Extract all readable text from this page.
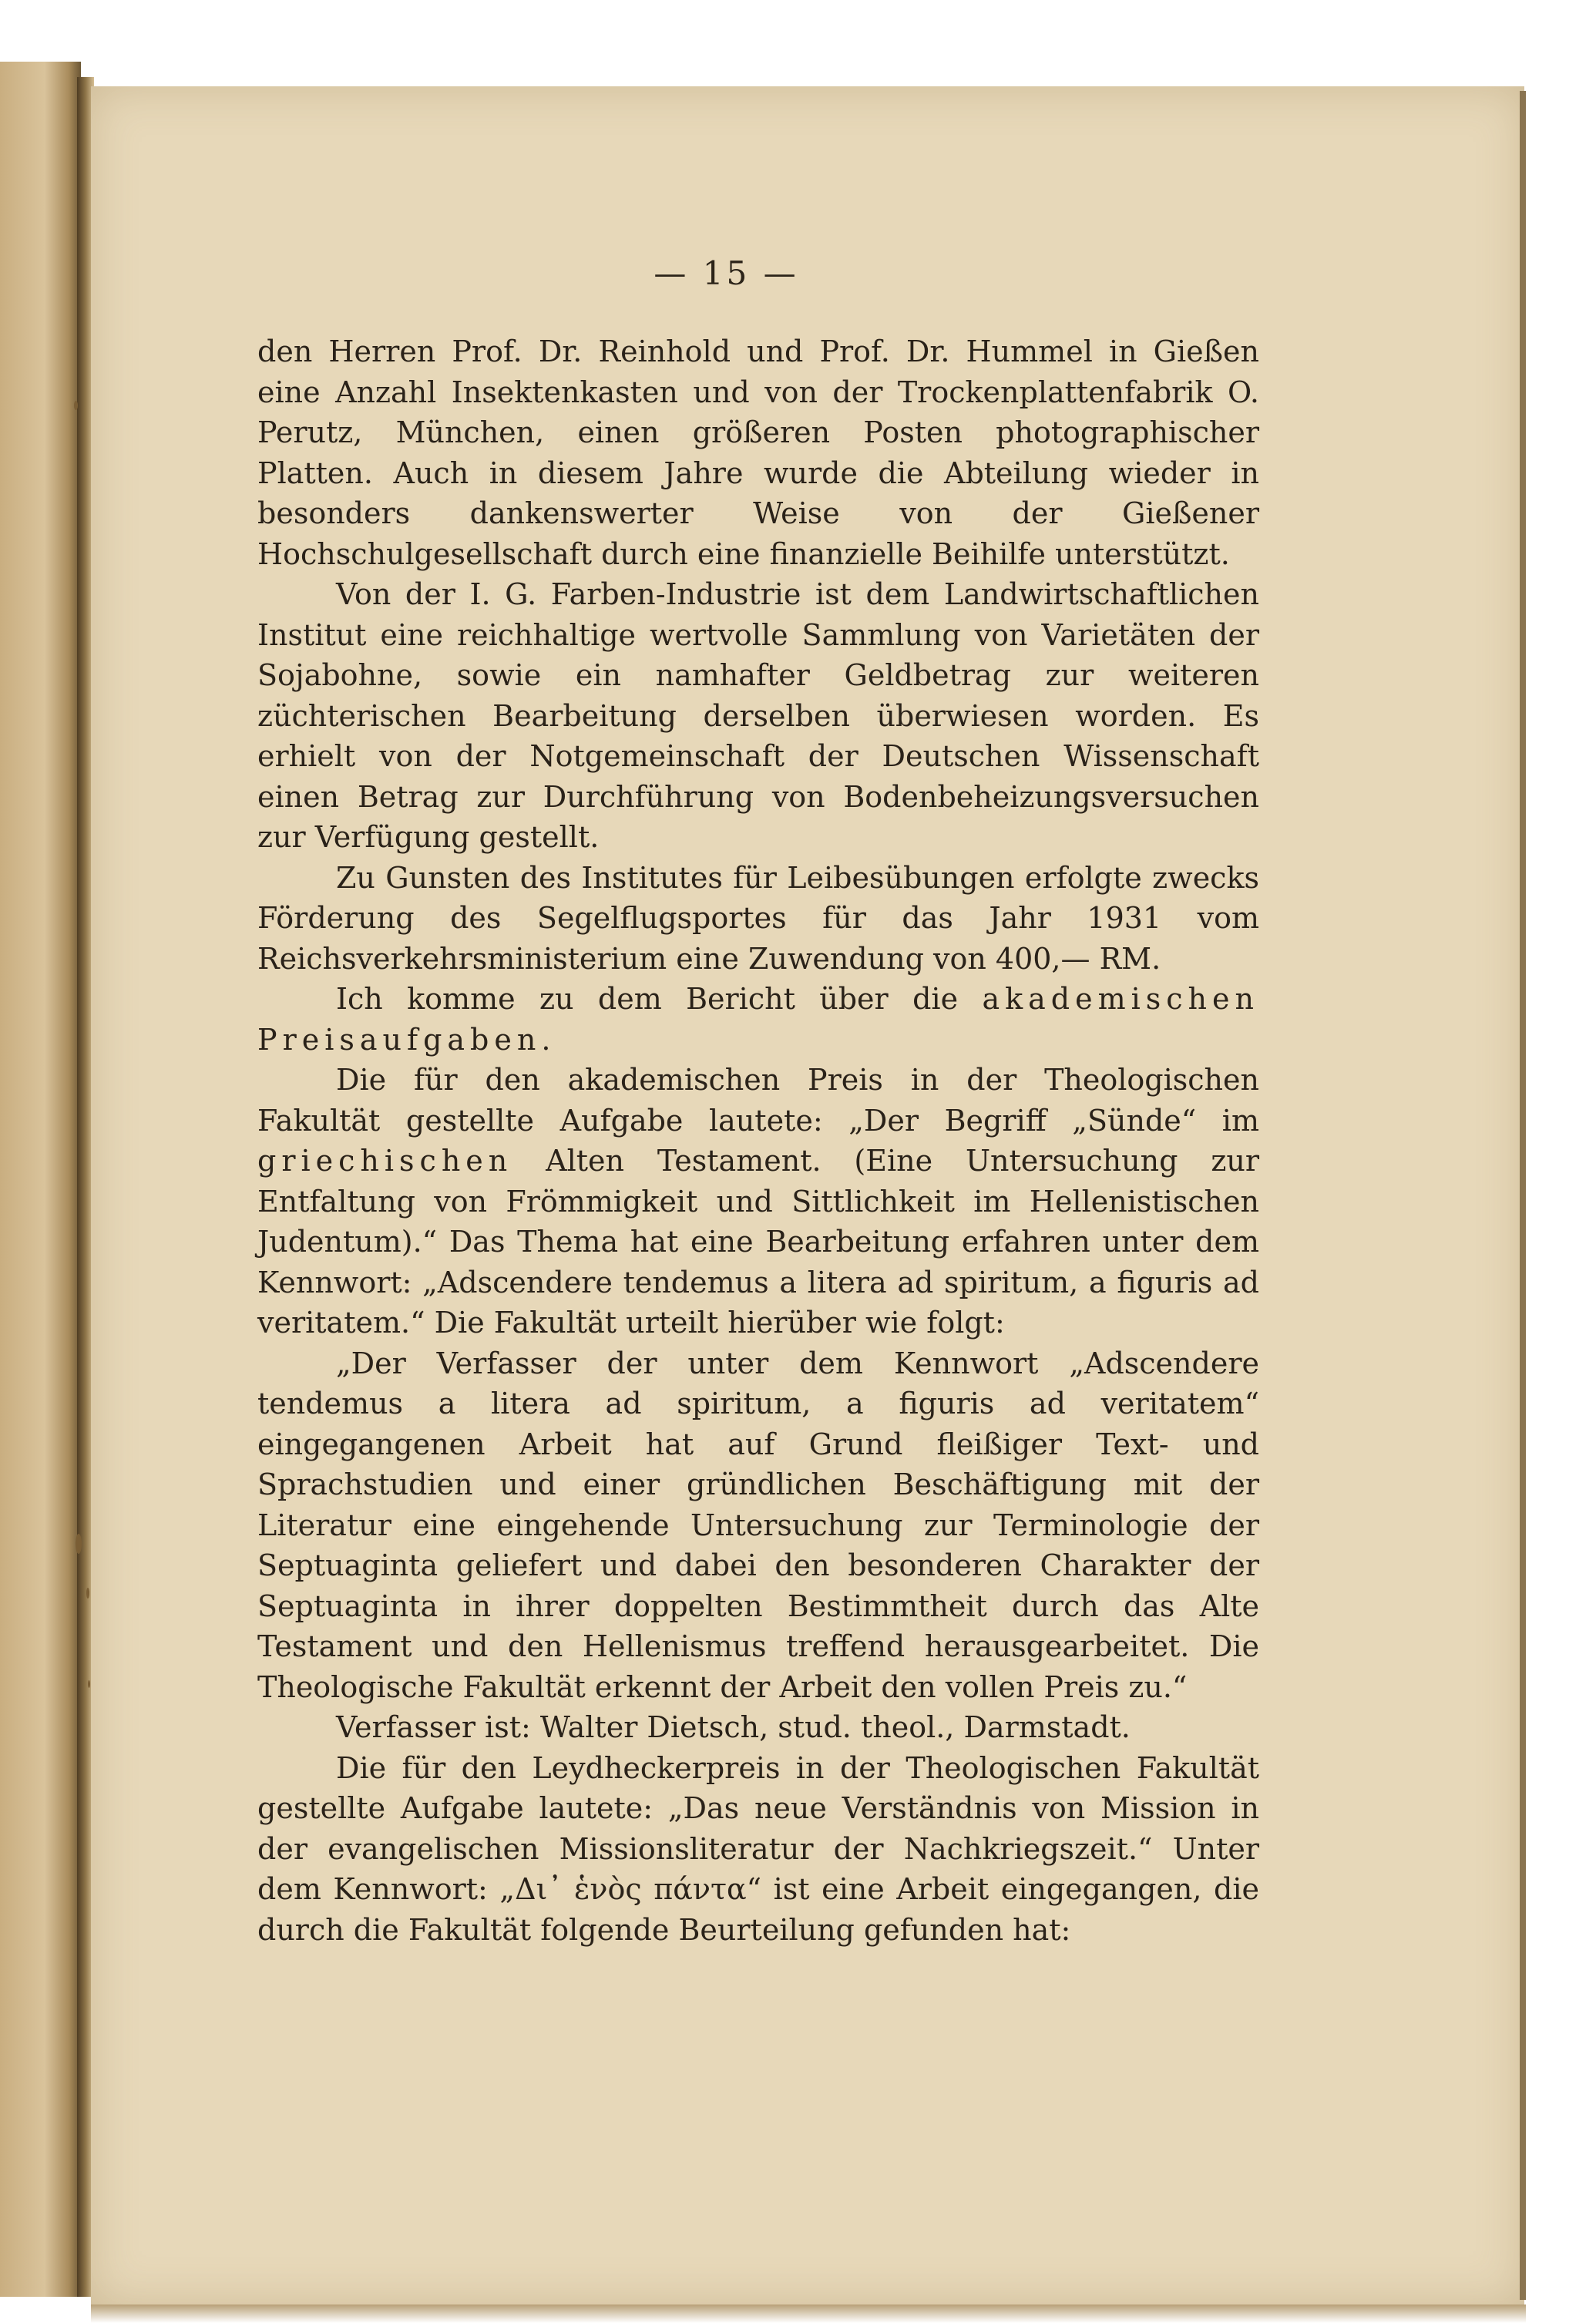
— 15 —

den Herren Prof. Dr. Reinhold und Prof. Dr. Hummel in Gießen eine Anzahl Insektenkasten und von der Trockenplattenfabrik O. Perutz, München, einen größeren Posten photographischer Platten. Auch in diesem Jahre wurde die Abteilung wieder in besonders dankenswerter Weise von der Gießener Hochschulgesellschaft durch eine finanzielle Beihilfe unterstützt.

Von der I. G. Farben-Industrie ist dem Landwirtschaftlichen Institut eine reichhaltige wertvolle Sammlung von Varietäten der Sojabohne, sowie ein namhafter Geldbetrag zur weiteren züchterischen Bearbeitung derselben überwiesen worden. Es erhielt von der Notgemeinschaft der Deutschen Wissenschaft einen Betrag zur Durchführung von Bodenbeheizungsversuchen zur Verfügung gestellt.

Zu Gunsten des Institutes für Leibesübungen erfolgte zwecks Förderung des Segelflugsportes für das Jahr 1931 vom Reichsverkehrsministerium eine Zuwendung von 400,— RM.

Ich komme zu dem Bericht über die akademischen Preisaufgaben.

Die für den akademischen Preis in der Theologischen Fakultät gestellte Aufgabe lautete: „Der Begriff „Sünde“ im griechischen Alten Testament. (Eine Untersuchung zur Entfaltung von Frömmigkeit und Sittlichkeit im Hellenistischen Judentum).“ Das Thema hat eine Bearbeitung erfahren unter dem Kennwort: „Adscendere tendemus a litera ad spiritum, a figuris ad veritatem.“ Die Fakultät urteilt hierüber wie folgt:

„Der Verfasser der unter dem Kennwort „Adscendere tendemus a litera ad spiritum, a figuris ad veritatem“ eingegangenen Arbeit hat auf Grund fleißiger Text- und Sprachstudien und einer gründlichen Beschäftigung mit der Literatur eine eingehende Untersuchung zur Terminologie der Septuaginta geliefert und dabei den besonderen Charakter der Septuaginta in ihrer doppelten Bestimmtheit durch das Alte Testament und den Hellenismus treffend herausgearbeitet. Die Theologische Fakultät erkennt der Arbeit den vollen Preis zu.“

Verfasser ist: Walter Dietsch, stud. theol., Darmstadt.

Die für den Leydheckerpreis in der Theologischen Fakultät gestellte Aufgabe lautete: „Das neue Verständnis von Mission in der evangelischen Missionsliteratur der Nachkriegszeit.“ Unter dem Kennwort: „Δι᾽ ἑνὸς πάντα“ ist eine Arbeit eingegangen, die durch die Fakultät folgende Beurteilung gefunden hat:
